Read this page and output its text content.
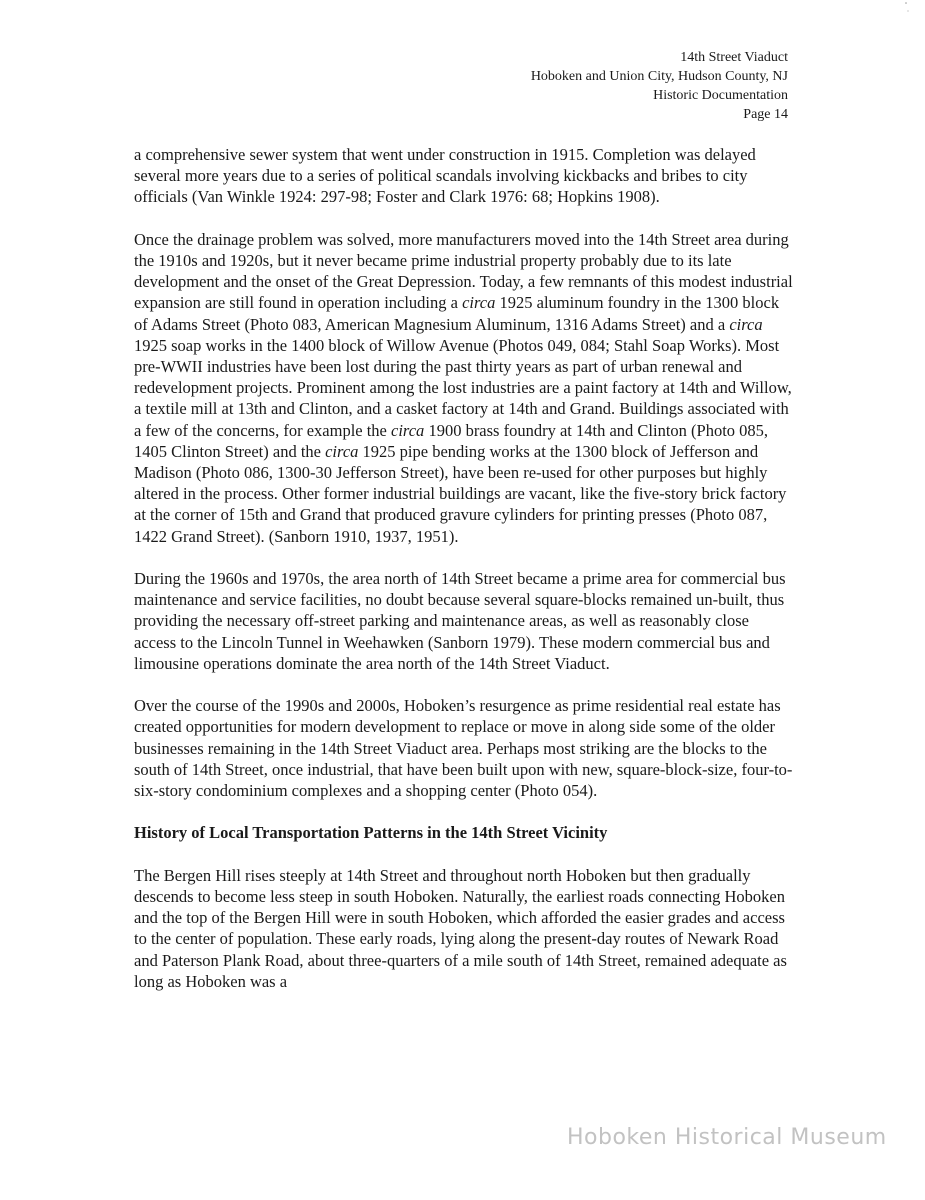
14th Street Viaduct
Hoboken and Union City, Hudson County, NJ
Historic Documentation
Page 14

a comprehensive sewer system that went under construction in 1915. Completion was delayed several more years due to a series of political scandals involving kickbacks and bribes to city officials (Van Winkle 1924: 297-98; Foster and Clark 1976: 68; Hopkins 1908).

Once the drainage problem was solved, more manufacturers moved into the 14th Street area during the 1910s and 1920s, but it never became prime industrial property probably due to its late development and the onset of the Great Depression. Today, a few remnants of this modest industrial expansion are still found in operation including a circa 1925 aluminum foundry in the 1300 block of Adams Street (Photo 083, American Magnesium Aluminum, 1316 Adams Street) and a circa 1925 soap works in the 1400 block of Willow Avenue (Photos 049, 084; Stahl Soap Works). Most pre-WWII industries have been lost during the past thirty years as part of urban renewal and redevelopment projects. Prominent among the lost industries are a paint factory at 14th and Willow, a textile mill at 13th and Clinton, and a casket factory at 14th and Grand. Buildings associated with a few of the concerns, for example the circa 1900 brass foundry at 14th and Clinton (Photo 085, 1405 Clinton Street) and the circa 1925 pipe bending works at the 1300 block of Jefferson and Madison (Photo 086, 1300-30 Jefferson Street), have been re-used for other purposes but highly altered in the process. Other former industrial buildings are vacant, like the five-story brick factory at the corner of 15th and Grand that produced gravure cylinders for printing presses (Photo 087, 1422 Grand Street). (Sanborn 1910, 1937, 1951).

During the 1960s and 1970s, the area north of 14th Street became a prime area for commercial bus maintenance and service facilities, no doubt because several square-blocks remained un-built, thus providing the necessary off-street parking and maintenance areas, as well as reasonably close access to the Lincoln Tunnel in Weehawken (Sanborn 1979). These modern commercial bus and limousine operations dominate the area north of the 14th Street Viaduct.

Over the course of the 1990s and 2000s, Hoboken’s resurgence as prime residential real estate has created opportunities for modern development to replace or move in along side some of the older businesses remaining in the 14th Street Viaduct area. Perhaps most striking are the blocks to the south of 14th Street, once industrial, that have been built upon with new, square-block-size, four-to-six-story condominium complexes and a shopping center (Photo 054).

History of Local Transportation Patterns in the 14th Street Vicinity

The Bergen Hill rises steeply at 14th Street and throughout north Hoboken but then gradually descends to become less steep in south Hoboken. Naturally, the earliest roads connecting Hoboken and the top of the Bergen Hill were in south Hoboken, which afforded the easier grades and access to the center of population. These early roads, lying along the present-day routes of Newark Road and Paterson Plank Road, about three-quarters of a mile south of 14th Street, remained adequate as long as Hoboken was a

Hoboken Historical Museum
